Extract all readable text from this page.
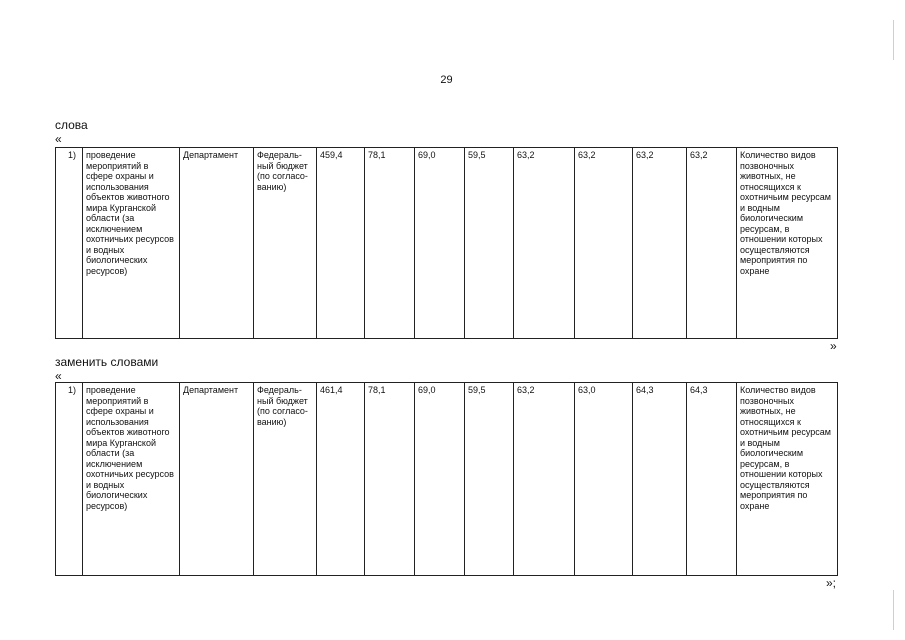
29
слова
«
1)	проведение мероприятий в сфере охраны и использования объектов животного мира Курганской области (за исключением охотничьих ресурсов и водных биологических ресурсов)	Департамент	Федераль-ный бюджет (по согласо-ванию)	459,4	78,1	69,0	59,5	63,2	63,2	63,2	63,2	Количество видов позвоночных животных, не относящихся к охотничьим ресурсам и водным биологическим ресурсам, в отношении которых осуществляются мероприятия по охране
»
заменить словами
«
1)	проведение мероприятий в сфере охраны и использования объектов животного мира Курганской области (за исключением охотничьих ресурсов и водных биологических ресурсов)	Департамент	Федераль-ный бюджет (по согласо-ванию)	461,4	78,1	69,0	59,5	63,2	63,0	64,3	64,3	Количество видов позвоночных животных, не относящихся к охотничьим ресурсам и водным биологическим ресурсам, в отношении которых осуществляются мероприятия по охране
»;
